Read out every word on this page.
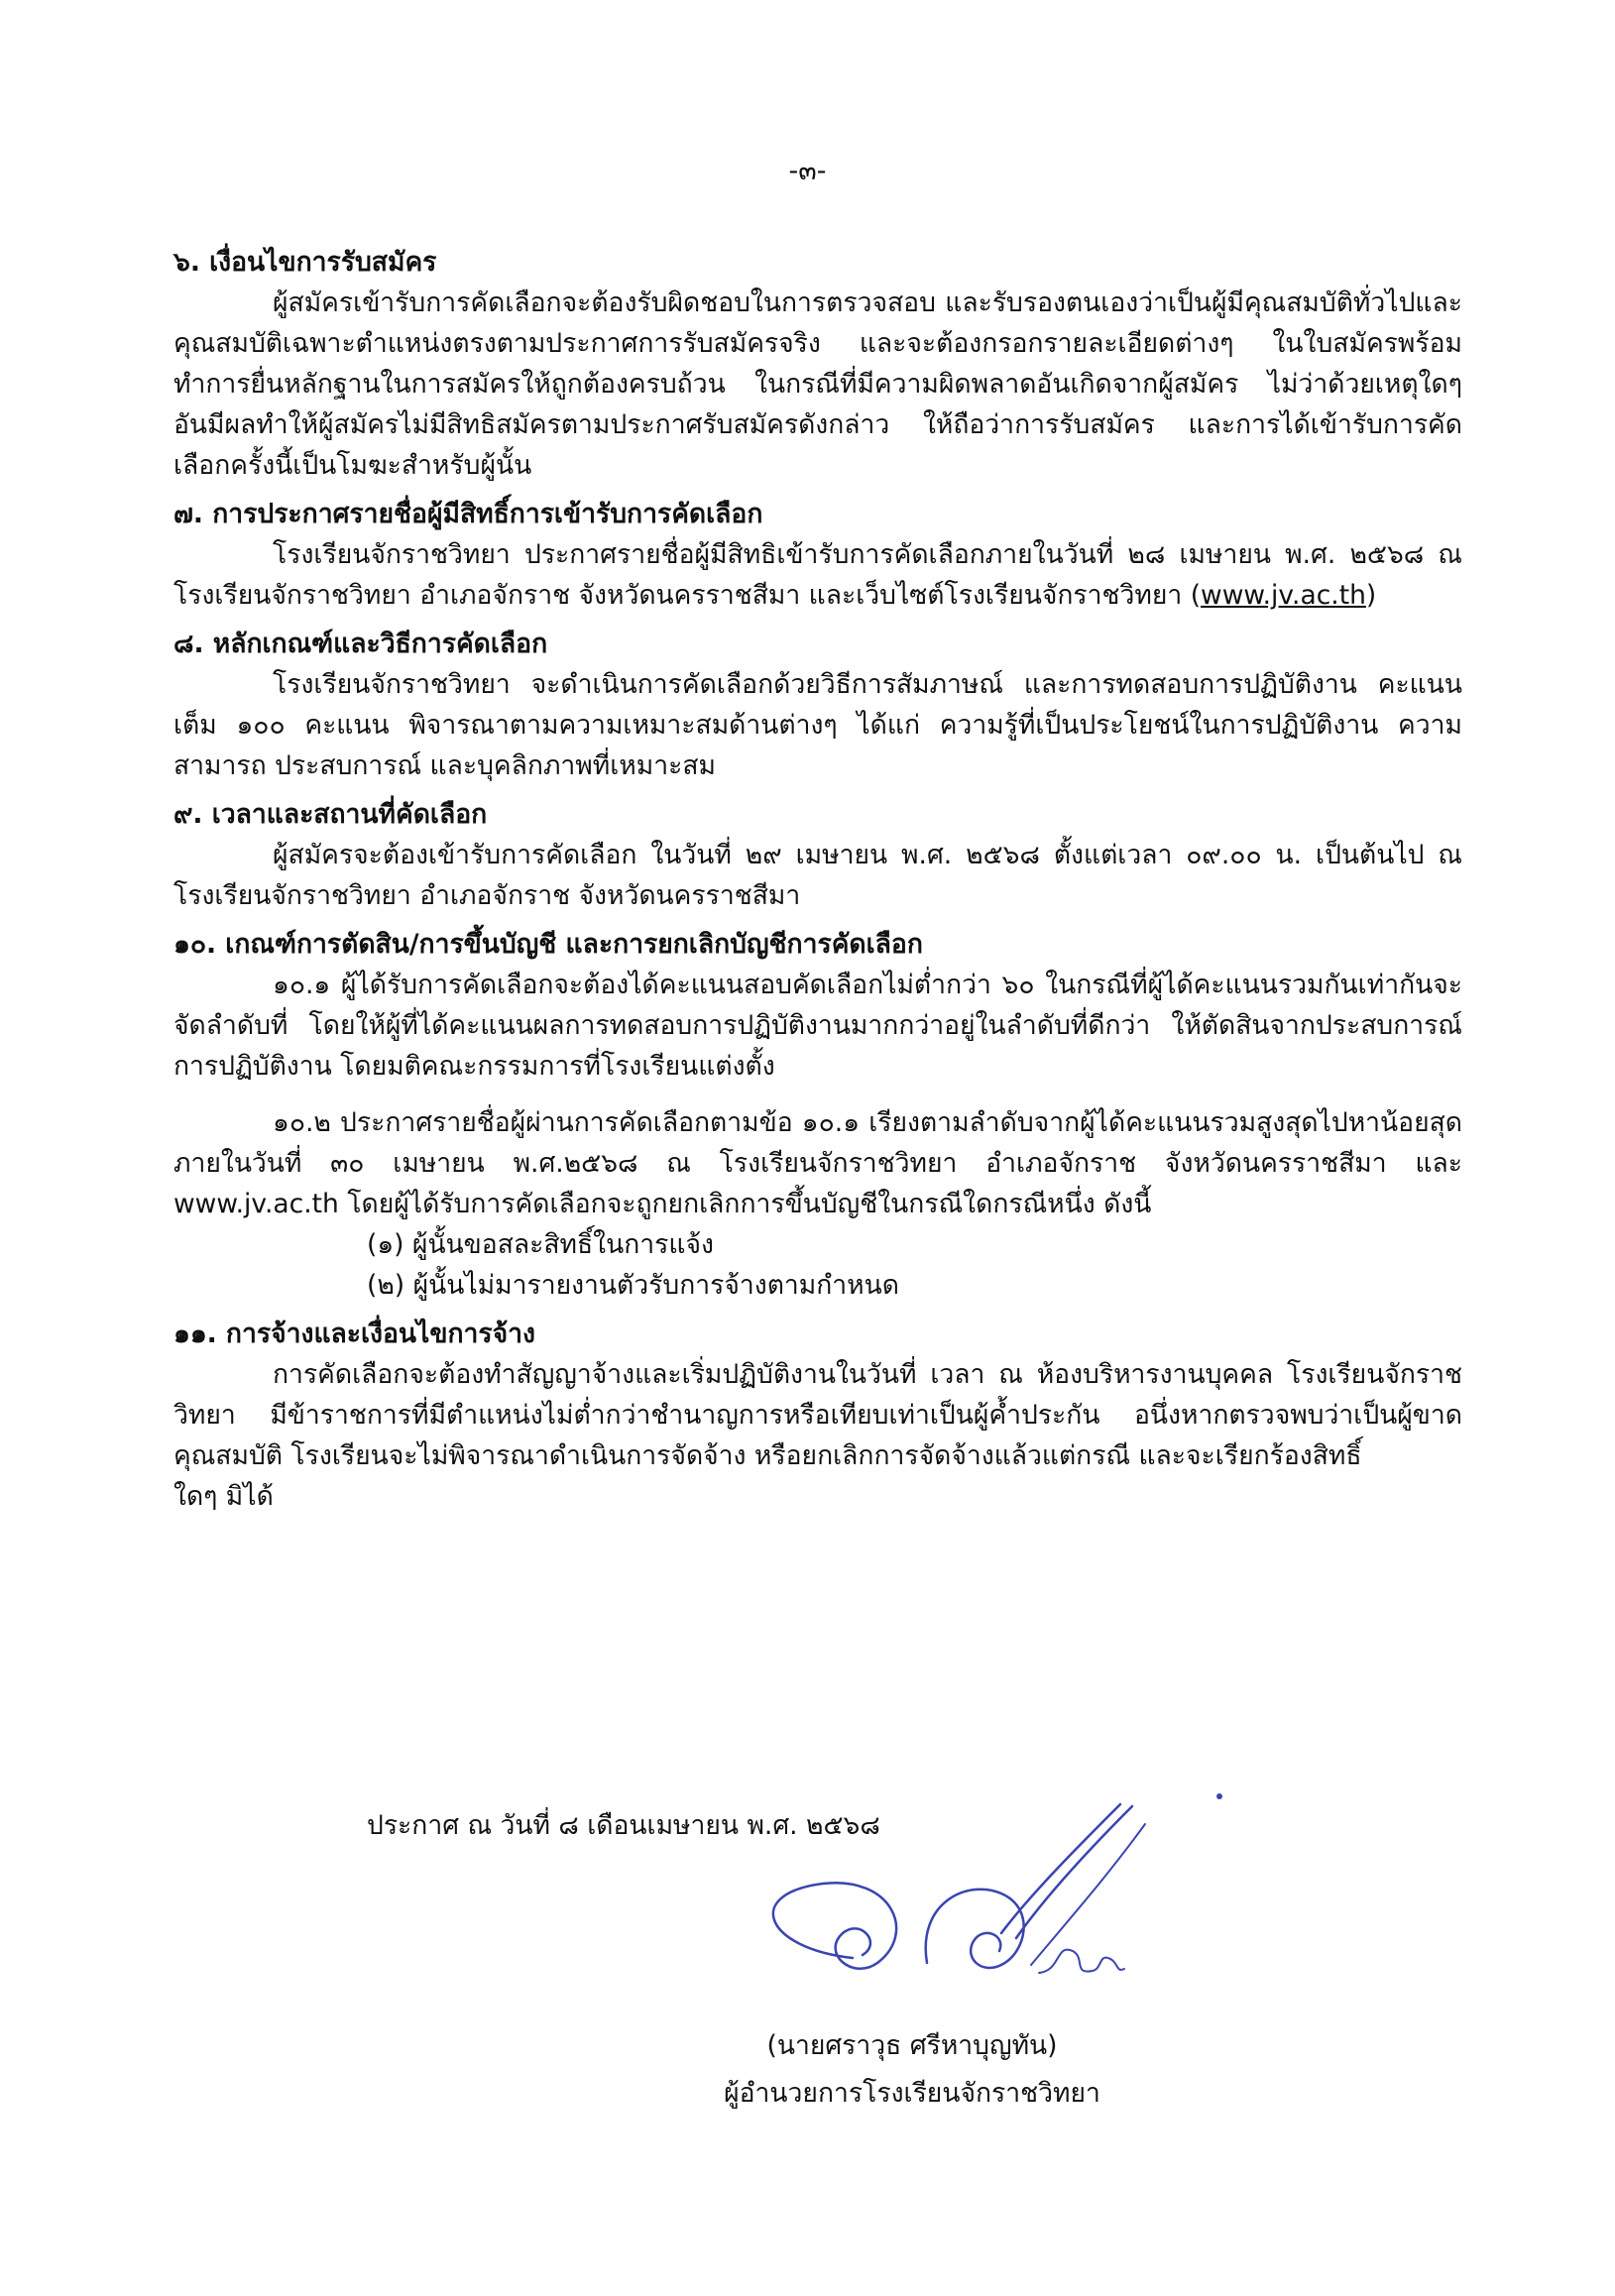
-๓-
๖. เงื่อนไขการรับสมัคร

ผู้สมัครเข้ารับการคัดเลือกจะต้องรับผิดชอบในการตรวจสอบ และรับรองตนเองว่าเป็นผู้มีคุณสมบัติทั่วไปและคุณสมบัติเฉพาะตำแหน่งตรงตามประกาศการรับสมัครจริง และจะต้องกรอกรายละเอียดต่างๆ ในใบสมัครพร้อมทำการยื่นหลักฐานในการสมัครให้ถูกต้องครบถ้วน ในกรณีที่มีความผิดพลาดอันเกิดจากผู้สมัคร ไม่ว่าด้วยเหตุใดๆ อันมีผลทำให้ผู้สมัครไม่มีสิทธิสมัครตามประกาศรับสมัครดังกล่าว ให้ถือว่าการรับสมัคร และการได้เข้ารับการคัดเลือกครั้งนี้เป็นโมฆะสำหรับผู้นั้น

๗. การประกาศรายชื่อผู้มีสิทธิ์การเข้ารับการคัดเลือก

โรงเรียนจักราชวิทยา ประกาศรายชื่อผู้มีสิทธิเข้ารับการคัดเลือกภายในวันที่ ๒๘ เมษายน พ.ศ. ๒๕๖๘ ณ โรงเรียนจักราชวิทยา อำเภอจักราช จังหวัดนครราชสีมา และเว็บไซต์โรงเรียนจักราชวิทยา (www.jv.ac.th)

๘. หลักเกณฑ์และวิธีการคัดเลือก

โรงเรียนจักราชวิทยา จะดำเนินการคัดเลือกด้วยวิธีการสัมภาษณ์ และการทดสอบการปฏิบัติงาน คะแนนเต็ม ๑๐๐ คะแนน พิจารณาตามความเหมาะสมด้านต่างๆ ได้แก่ ความรู้ที่เป็นประโยชน์ในการปฏิบัติงาน ความสามารถ ประสบการณ์ และบุคลิกภาพที่เหมาะสม

๙. เวลาและสถานที่คัดเลือก

ผู้สมัครจะต้องเข้ารับการคัดเลือก ในวันที่ ๒๙ เมษายน พ.ศ. ๒๕๖๘ ตั้งแต่เวลา ๐๙.๐๐ น. เป็นต้นไป ณ โรงเรียนจักราชวิทยา อำเภอจักราช จังหวัดนครราชสีมา

๑๐. เกณฑ์การตัดสิน/การขึ้นบัญชี และการยกเลิกบัญชีการคัดเลือก

๑๐.๑ ผู้ได้รับการคัดเลือกจะต้องได้คะแนนสอบคัดเลือกไม่ต่ำกว่า ๖๐ ในกรณีที่ผู้ได้คะแนนรวมกันเท่ากันจะจัดลำดับที่ โดยให้ผู้ที่ได้คะแนนผลการทดสอบการปฏิบัติงานมากกว่าอยู่ในลำดับที่ดีกว่า ให้ตัดสินจากประสบการณ์การปฏิบัติงาน โดยมติคณะกรรมการที่โรงเรียนแต่งตั้ง

๑๐.๒ ประกาศรายชื่อผู้ผ่านการคัดเลือกตามข้อ ๑๐.๑ เรียงตามลำดับจากผู้ได้คะแนนรวมสูงสุดไปหาน้อยสุด ภายในวันที่ ๓๐ เมษายน พ.ศ.๒๕๖๘ ณ โรงเรียนจักราชวิทยา อำเภอจักราช จังหวัดนครราชสีมา และ www.jv.ac.th โดยผู้ได้รับการคัดเลือกจะถูกยกเลิกการขึ้นบัญชีในกรณีใดกรณีหนึ่ง ดังนี้

(๑) ผู้นั้นขอสละสิทธิ์ในการแจ้ง

(๒) ผู้นั้นไม่มารายงานตัวรับการจ้างตามกำหนด

๑๑. การจ้างและเงื่อนไขการจ้าง

การคัดเลือกจะต้องทำสัญญาจ้างและเริ่มปฏิบัติงานในวันที่ เวลา ณ ห้องบริหารงานบุคคล โรงเรียนจักราชวิทยา มีข้าราชการที่มีตำแหน่งไม่ต่ำกว่าชำนาญการหรือเทียบเท่าเป็นผู้ค้ำประกัน อนึ่งหากตรวจพบว่าเป็นผู้ขาดคุณสมบัติ โรงเรียนจะไม่พิจารณาดำเนินการจัดจ้าง หรือยกเลิกการจัดจ้างแล้วแต่กรณี และจะเรียกร้องสิทธิ์

ใดๆ มิได้

ประกาศ ณ วันที่ ๘ เดือนเมษายน พ.ศ. ๒๕๖๘
(นายศราวุธ ศรีหาบุญทัน)
ผู้อำนวยการโรงเรียนจักราชวิทยา
